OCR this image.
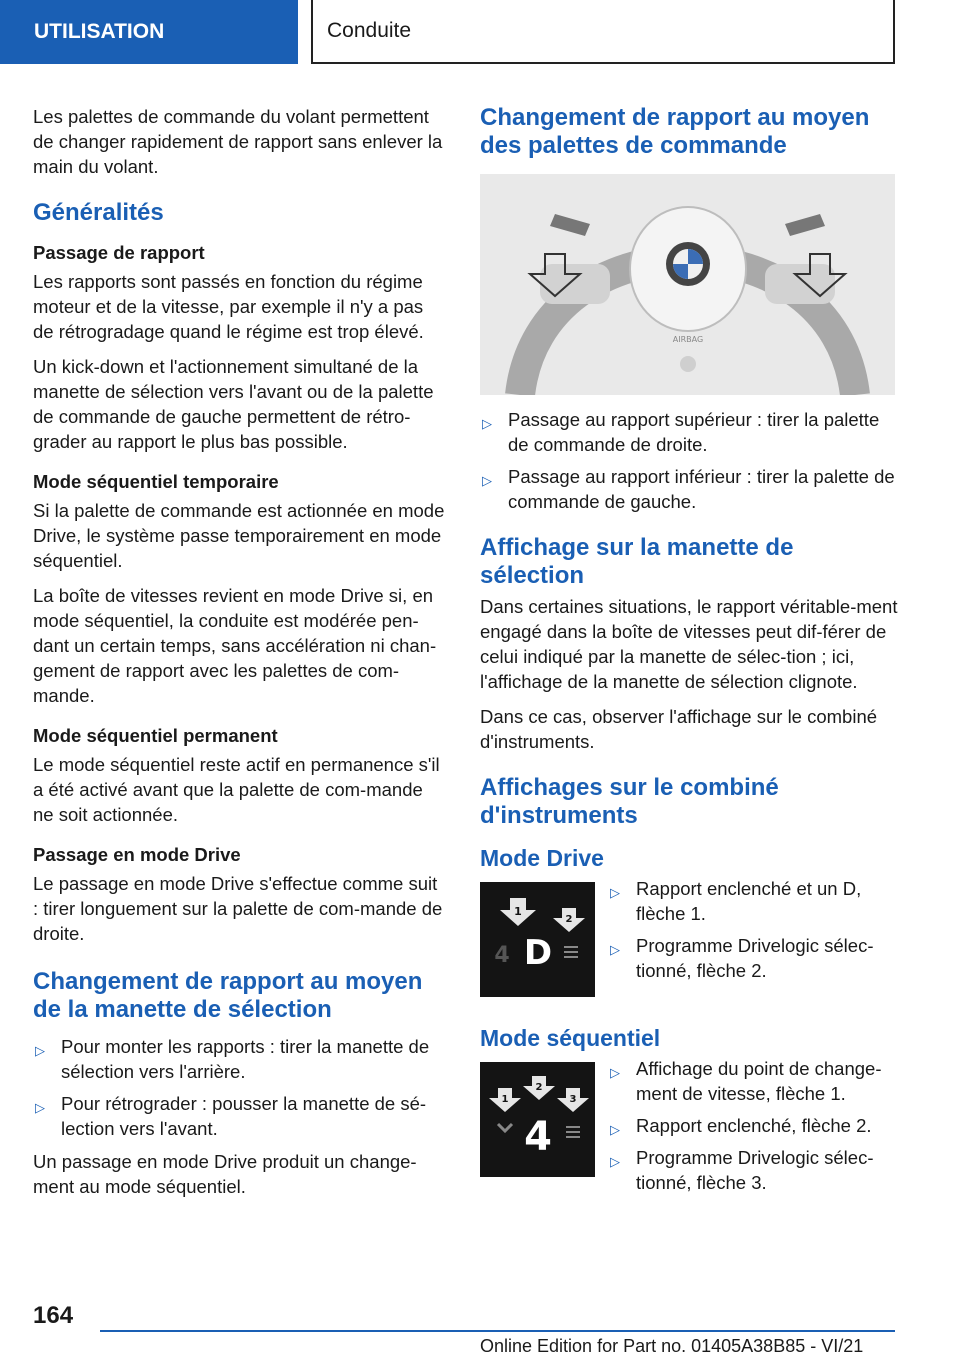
UTILISATION	Conduite

Les palettes de commande du volant permettent de changer rapidement de rapport sans enlever la main du volant.

Généralités
Passage de rapport

Les rapports sont passés en fonction du régime moteur et de la vitesse, par exemple il n'y a pas de rétrogradage quand le régime est trop élevé.

Un kick-down et l'actionnement simultané de la manette de sélection vers l'avant ou de la palette de commande de gauche permettent de rétro-grader au rapport le plus bas possible.

Mode séquentiel temporaire

Si la palette de commande est actionnée en mode Drive, le système passe temporairement en mode séquentiel.

La boîte de vitesses revient en mode Drive si, en mode séquentiel, la conduite est modérée pen-dant un certain temps, sans accélération ni chan-gement de rapport avec les palettes de com-mande.

Mode séquentiel permanent

Le mode séquentiel reste actif en permanence s'il a été activé avant que la palette de com-mande ne soit actionnée.

Passage en mode Drive

Le passage en mode Drive s'effectue comme suit : tirer longuement sur la palette de com-mande de droite.

Changement de rapport au moyen de la manette de sélection
▷ Pour monter les rapports : tirer la manette de sélection vers l'arrière.
▷ Pour rétrograder : pousser la manette de sé-lection vers l'avant.

Un passage en mode Drive produit un change-ment au mode séquentiel.

Changement de rapport au moyen des palettes de commande
AIRBAG
▷ Passage au rapport supérieur : tirer la palette de commande de droite.
▷ Passage au rapport inférieur : tirer la palette de commande de gauche.
Affichage sur la manette de sélection

Dans certaines situations, le rapport véritable-ment engagé dans la boîte de vitesses peut dif-férer de celui indiqué par la manette de sélec-tion ; ici, l'affichage de la manette de sélection clignote.

Dans ce cas, observer l'affichage sur le combiné d'instruments.

Affichages sur le combiné d'instruments
Mode Drive
1
2
4 D
▷ Rapport enclenché et un D, flèche 1.
▷ Programme Drivelogic sélec-tionné, flèche 2.
Mode séquentiel
1
2
3
4
▷ Affichage du point de change-ment de vitesse, flèche 1.
▷ Rapport enclenché, flèche 2.
▷ Programme Drivelogic sélec-tionné, flèche 3.
164
Online Edition for Part no. 01405A38B85 - VI/21
